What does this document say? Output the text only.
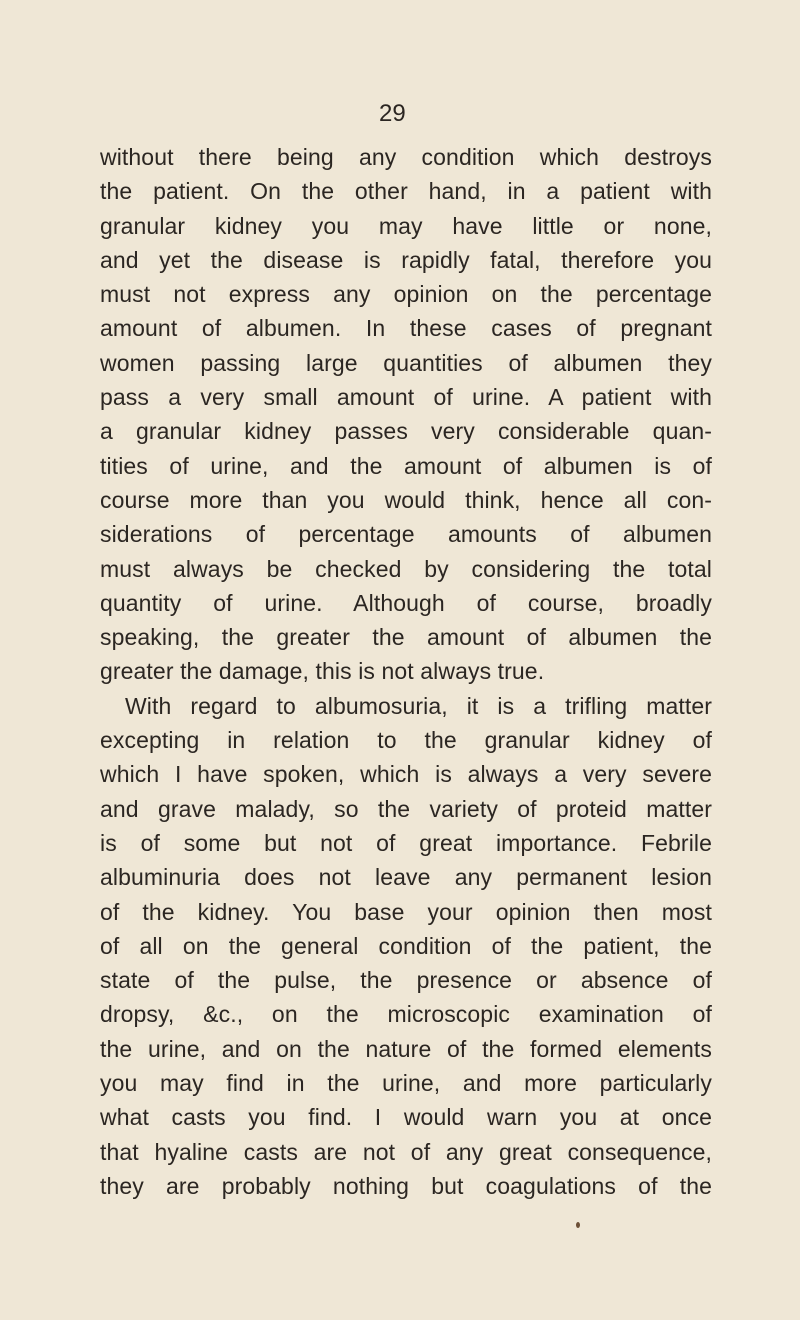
29
without there being any condition which destroys
the patient. On the other hand, in a patient with
granular kidney you may have little or none,
and yet the disease is rapidly fatal, therefore you
must not express any opinion on the percentage
amount of albumen. In these cases of pregnant
women passing large quantities of albumen they
pass a very small amount of urine. A patient with
a granular kidney passes very considerable quan-
tities of urine, and the amount of albumen is of
course more than you would think, hence all con-
siderations of percentage amounts of albumen
must always be checked by considering the total
quantity of urine. Although of course, broadly
speaking, the greater the amount of albumen the
greater the damage, this is not always true.
With regard to albumosuria, it is a trifling matter
excepting in relation to the granular kidney of
which I have spoken, which is always a very severe
and grave malady, so the variety of proteid matter
is of some but not of great importance. Febrile
albuminuria does not leave any permanent lesion
of the kidney. You base your opinion then most
of all on the general condition of the patient, the
state of the pulse, the presence or absence of
dropsy, &c., on the microscopic examination of
the urine, and on the nature of the formed elements
you may find in the urine, and more particularly
what casts you find. I would warn you at once
that hyaline casts are not of any great consequence,
they are probably nothing but coagulations of the
